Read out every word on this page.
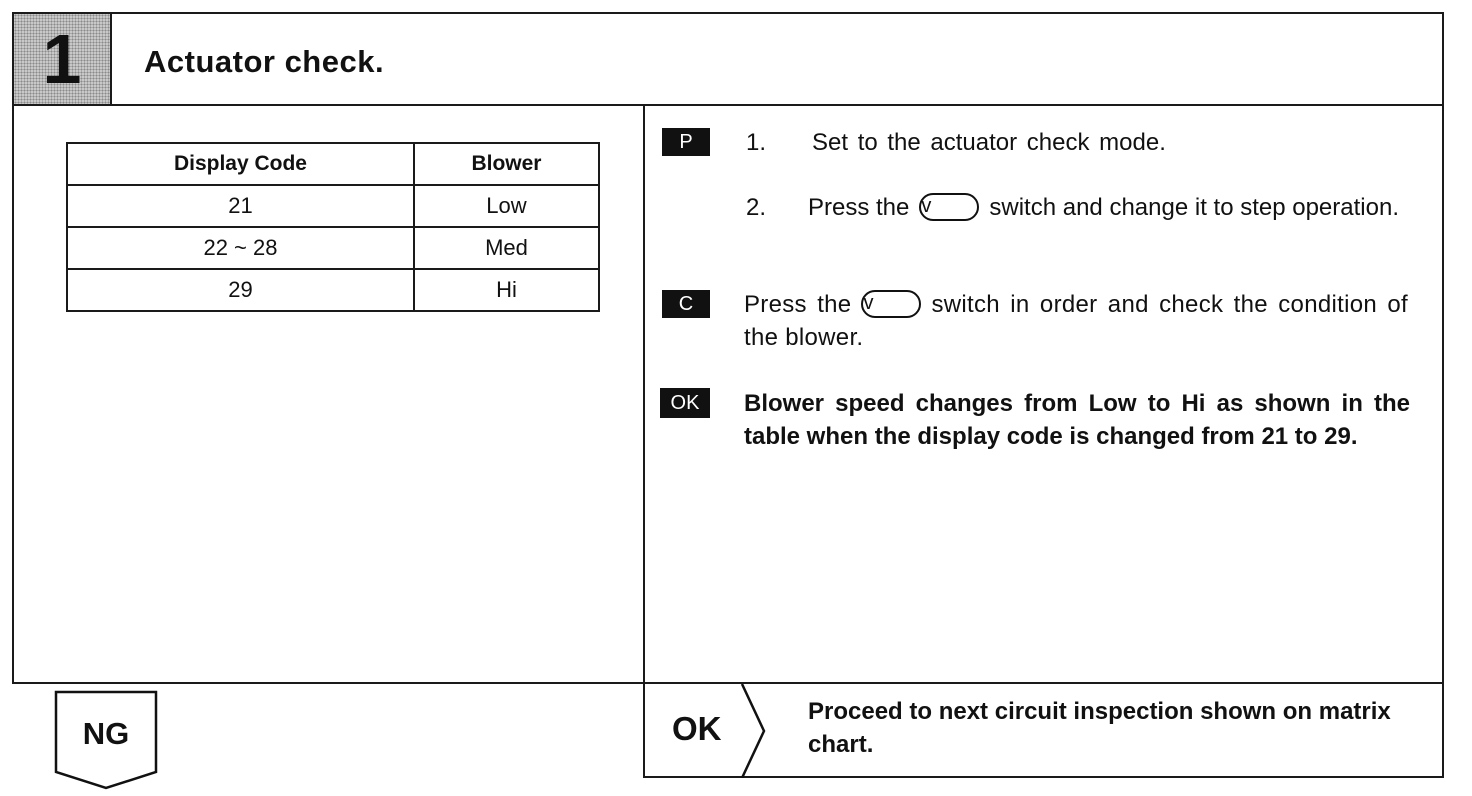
1	Actuator check.
Display Code	Blower
21	Low
22 ~ 28	Med
29	Hi
P	1. Set to the actuator check mode.
2. Press the v switch and change it to step operation.
C	Press the v switch in order and check the condition of the blower.
OK	Blower speed changes from Low to Hi as shown in the table when the display code is changed from 21 to 29.
NG	OK	Proceed to next circuit inspection shown on matrix chart.
